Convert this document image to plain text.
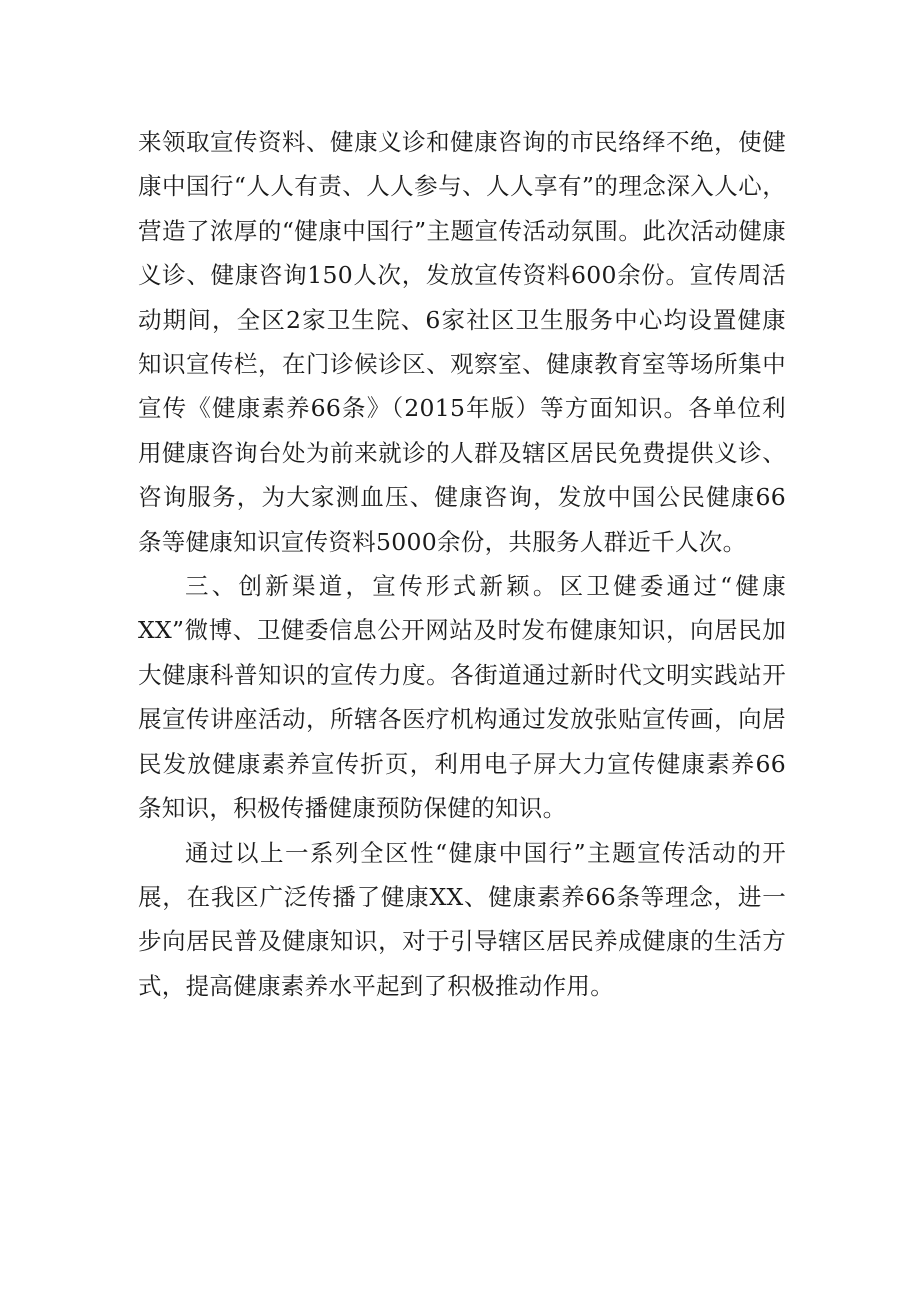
来领取宣传资料、健康义诊和健康咨询的市民络绎不绝，使健康中国行“人人有责、人人参与、人人享有”的理念深入人心，营造了浓厚的“健康中国行”主题宣传活动氛围。此次活动健康义诊、健康咨询150人次，发放宣传资料600余份。宣传周活动期间，全区2家卫生院、6家社区卫生服务中心均设置健康知识宣传栏，在门诊候诊区、观察室、健康教育室等场所集中宣传《健康素养66条》（2015年版）等方面知识。各单位利用健康咨询台处为前来就诊的人群及辖区居民免费提供义诊、咨询服务，为大家测血压、健康咨询，发放中国公民健康66条等健康知识宣传资料5000余份，共服务人群近千人次。

三、创新渠道，宣传形式新颖。区卫健委通过“健康XX”微博、卫健委信息公开网站及时发布健康知识，向居民加大健康科普知识的宣传力度。各街道通过新时代文明实践站开展宣传讲座活动，所辖各医疗机构通过发放张贴宣传画，向居民发放健康素养宣传折页，利用电子屏大力宣传健康素养66条知识，积极传播健康预防保健的知识。

通过以上一系列全区性“健康中国行”主题宣传活动的开展，在我区广泛传播了健康XX、健康素养66条等理念，进一步向居民普及健康知识，对于引导辖区居民养成健康的生活方式，提高健康素养水平起到了积极推动作用。
